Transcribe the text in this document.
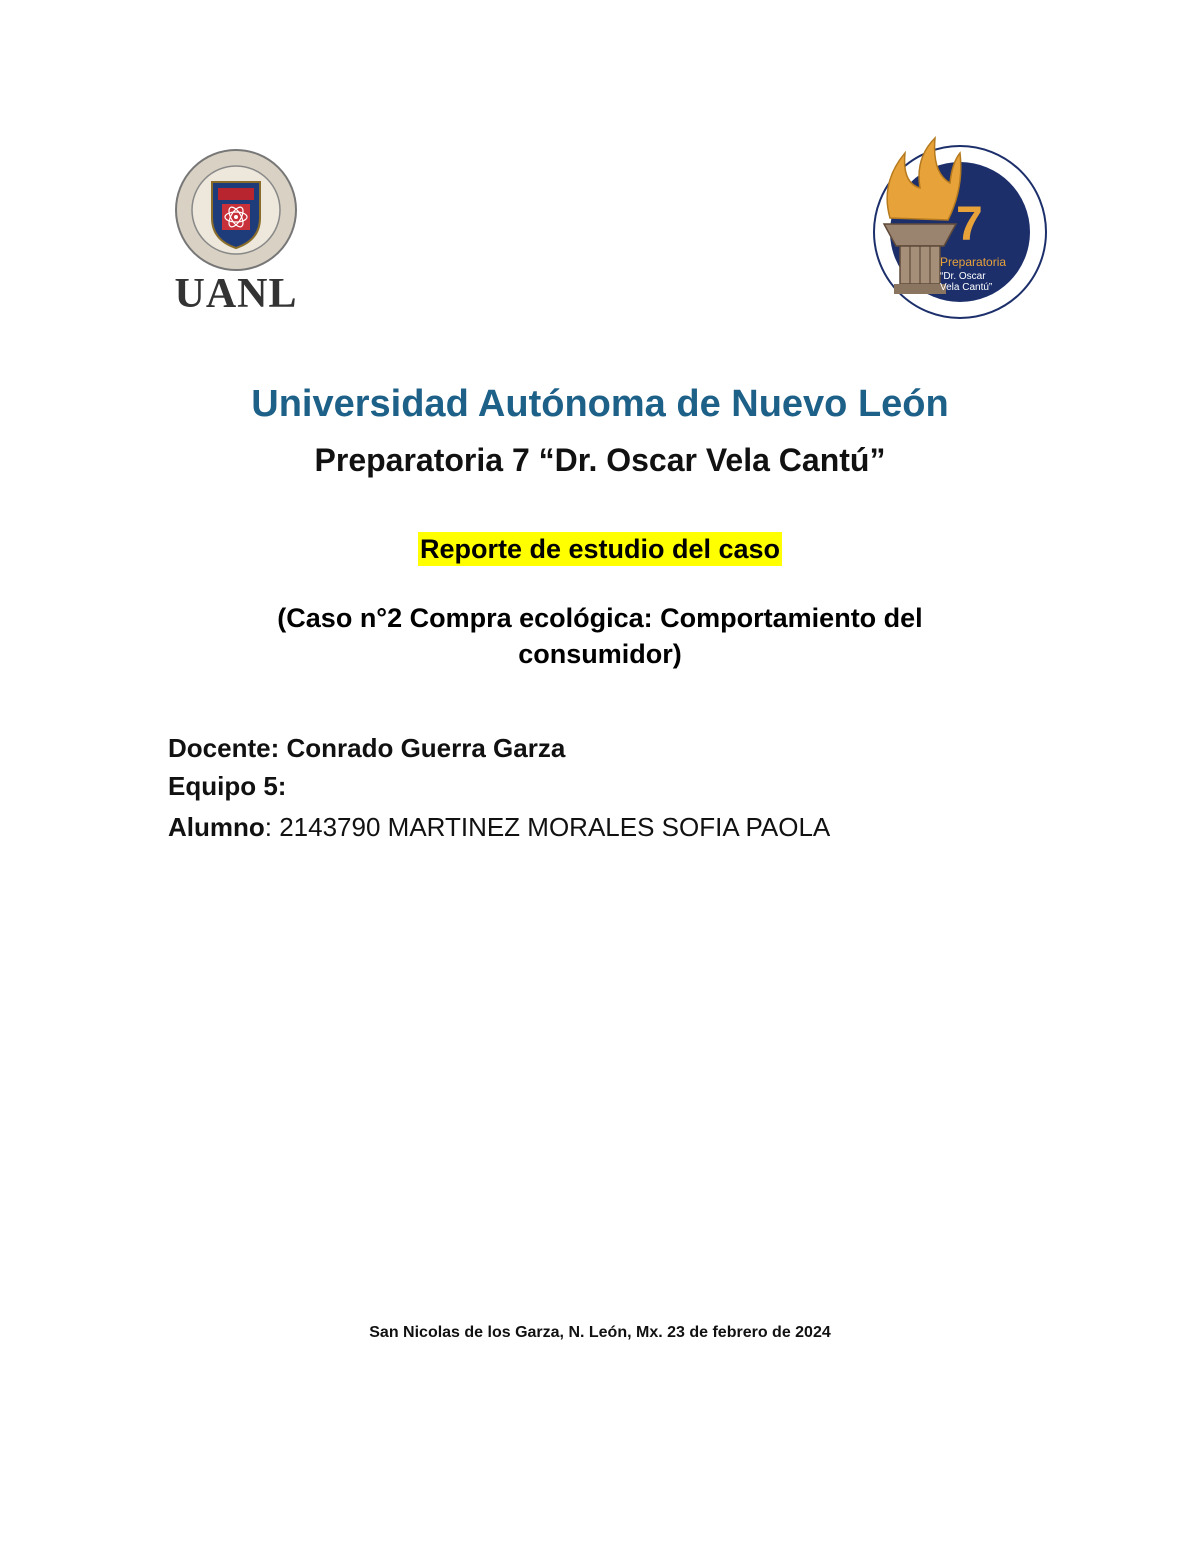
UANL
7
Preparatoria
“Dr. Oscar
Vela Cantú”
Universidad Autónoma de Nuevo León
Preparatoria 7 “Dr. Oscar Vela Cantú”
Reporte de estudio del caso
(Caso n°2 Compra ecológica: Comportamiento del
consumidor)
Docente: Conrado Guerra Garza
Equipo 5:
Alumno: 2143790 MARTINEZ MORALES SOFIA PAOLA
San Nicolas de los Garza, N. León, Mx. 23 de febrero de 2024
